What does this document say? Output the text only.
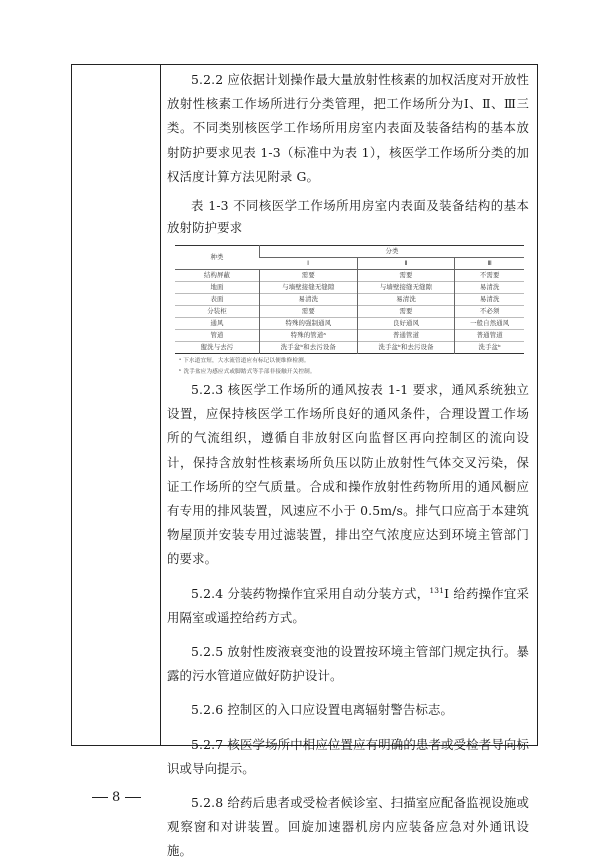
5.2.2 应依据计划操作最大量放射性核素的加权活度对开放性放射性核素工作场所进行分类管理，把工作场所分为Ⅰ、Ⅱ、Ⅲ三类。不同类别核医学工作场所用房室内表面及装备结构的基本放射防护要求见表 1-3（标准中为表 1），核医学工作场所分类的加权活度计算方法见附录 G。

表 1-3 不同核医学工作场所用房室内表面及装备结构的基本放射防护要求

种类	分类		
	Ⅰ	Ⅱ	Ⅲ
结构屏蔽	需要	需要	不需要
地面	与墙壁接缝无缝隙	与墙壁接缝无缝隙	易清洗
表面	易清洗	易清洗	易清洗
分装柜	需要	需要	不必须
通风	特殊的强制通风	良好通风	一般自然通风
管道	特殊的管道ᵃ	普通管道	普通管道
盥洗与去污	洗手盆ᵇ和去污设备	洗手盆ᵇ和去污设备	洗手盆ᵇ
ᵃ 下水道宜短，大水流管道应有标记以便维修检测。
ᵇ 洗手盆应为感应式或脚踏式等手部非接触开关控制。

5.2.3 核医学工作场所的通风按表 1-1 要求，通风系统独立设置，应保持核医学工作场所良好的通风条件，合理设置工作场所的气流组织，遵循自非放射区向监督区再向控制区的流向设计，保持含放射性核素场所负压以防止放射性气体交叉污染，保证工作场所的空气质量。合成和操作放射性药物所用的通风橱应有专用的排风装置，风速应不小于 0.5m/s。排气口应高于本建筑物屋顶并安装专用过滤装置，排出空气浓度应达到环境主管部门的要求。

5.2.4 分装药物操作宜采用自动分装方式，$^{131}$I 给药操作宜采用隔室或遥控给药方式。

5.2.5 放射性废液衰变池的设置按环境主管部门规定执行。暴露的污水管道应做好防护设计。

5.2.6 控制区的入口应设置电离辐射警告标志。

5.2.7 核医学场所中相应位置应有明确的患者或受检者导向标识或导向提示。

5.2.8 给药后患者或受检者候诊室、扫描室应配备监视设施或观察窗和对讲装置。回旋加速器机房内应装备应急对外通讯设施。

8
